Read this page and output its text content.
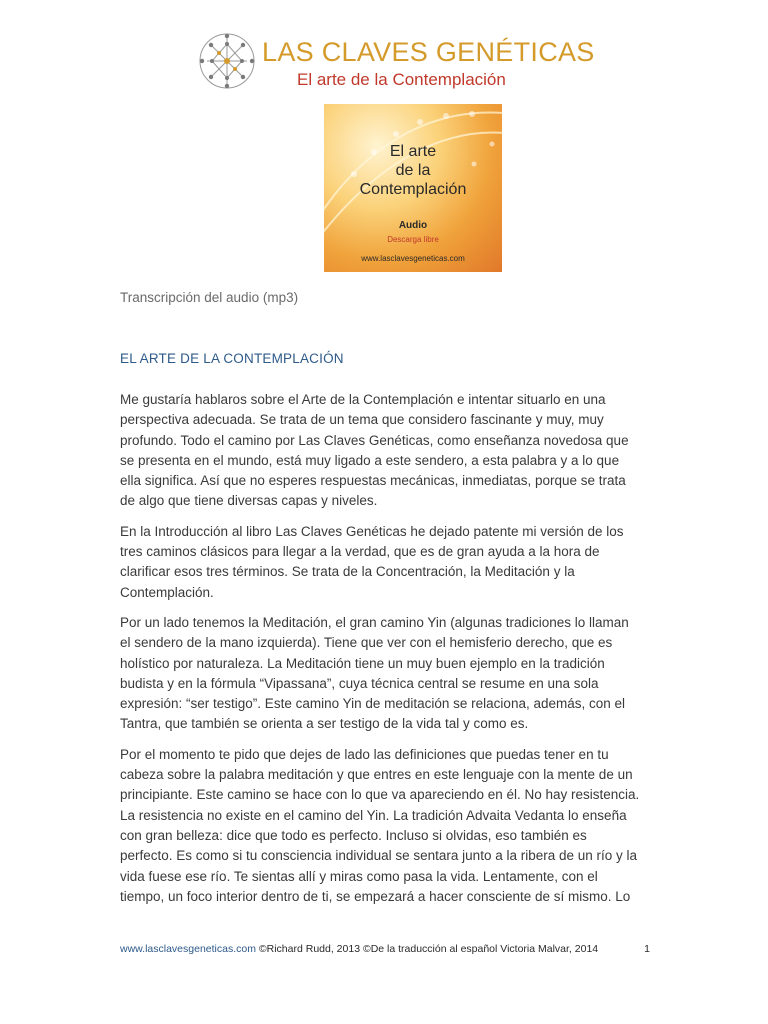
LAS CLAVES GENÉTICAS
El arte de la Contemplación
El arte
de la
Contemplación
Audio
Descarga libre
www.lasclavesgeneticas.com
Transcripción del audio (mp3)
EL ARTE DE LA CONTEMPLACIÓN
Me gustaría hablaros sobre el Arte de la Contemplación e intentar situarlo en una
perspectiva adecuada. Se trata de un tema que considero fascinante y muy, muy
profundo. Todo el camino por Las Claves Genéticas, como enseñanza novedosa que
se presenta en el mundo, está muy ligado a este sendero, a esta palabra y a lo que
ella significa. Así que no esperes respuestas mecánicas, inmediatas, porque se trata
de algo que tiene diversas capas y niveles.
En la Introducción al libro Las Claves Genéticas he dejado patente mi versión de los
tres caminos clásicos para llegar a la verdad, que es de gran ayuda a la hora de
clarificar esos tres términos. Se trata de la Concentración, la Meditación y la
Contemplación.
Por un lado tenemos la Meditación, el gran camino Yin (algunas tradiciones lo llaman
el sendero de la mano izquierda). Tiene que ver con el hemisferio derecho, que es
holístico por naturaleza. La Meditación tiene un muy buen ejemplo en la tradición
budista y en la fórmula “Vipassana”, cuya técnica central se resume en una sola
expresión: “ser testigo”. Este camino Yin de meditación se relaciona, además, con el
Tantra, que también se orienta a ser testigo de la vida tal y como es.
Por el momento te pido que dejes de lado las definiciones que puedas tener en tu
cabeza sobre la palabra meditación y que entres en este lenguaje con la mente de un
principiante. Este camino se hace con lo que va apareciendo en él. No hay resistencia.
La resistencia no existe en el camino del Yin. La tradición Advaita Vedanta lo enseña
con gran belleza: dice que todo es perfecto. Incluso si olvidas, eso también es
perfecto. Es como si tu consciencia individual se sentara junto a la ribera de un río y la
vida fuese ese río. Te sientas allí y miras como pasa la vida. Lentamente, con el
tiempo, un foco interior dentro de ti, se empezará a hacer consciente de sí mismo. Lo
www.lasclavesgeneticas.com ©Richard Rudd, 2013 ©De la traducción al español Victoria Malvar, 2014	1
